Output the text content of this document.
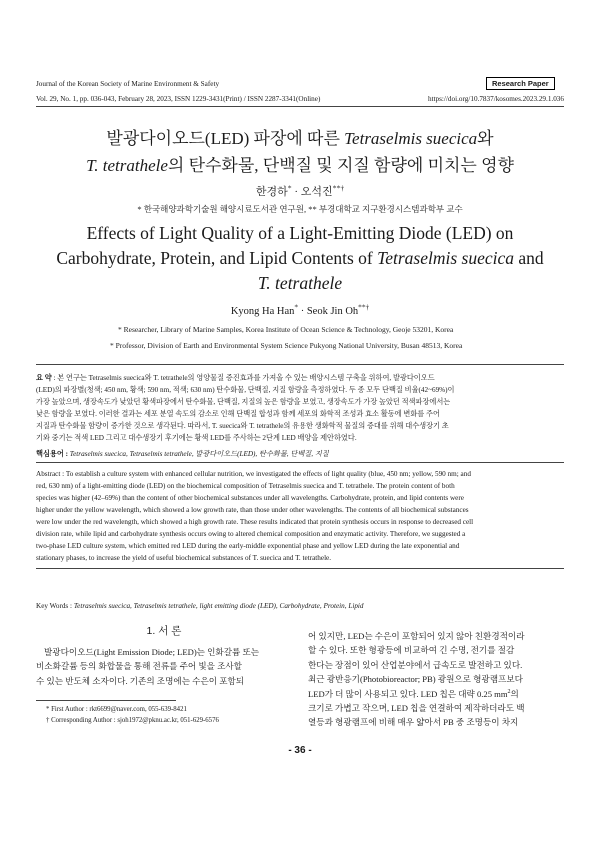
Journal of the Korean Society of Marine Environment & Safety	Research Paper
Vol. 29, No. 1, pp. 036-043, February 28, 2023, ISSN 1229-3431(Print) / ISSN 2287-3341(Online)	https://doi.org/10.7837/kosomes.2023.29.1.036
발광다이오드(LED) 파장에 따른 Tetraselmis suecica와
T. tetrathele의 탄수화물, 단백질 및 지질 함량에 미치는 영향
한경하* · 오석진**†
* 한국해양과학기술원 해양시료도서관 연구원, ** 부경대학교 지구환경시스템과학부 교수
Effects of Light Quality of a Light-Emitting Diode (LED) on
Carbohydrate, Protein, and Lipid Contents of Tetraselmis suecica and
T. tetrathele
Kyong Ha Han* · Seok Jin Oh**†
* Researcher, Library of Marine Samples, Korea Institute of Ocean Science & Technology, Geoje 53201, Korea
* Professor, Division of Earth and Environmental System Science Pukyong National University, Busan 48513, Korea
요 약 : 본 연구는 Tetraselmis suecica와 T. tetrathele의 영양물질 증진효과를 가져올 수 있는 배양시스템 구축을 위하여, 발광다이오드
(LED)의 파장별(청색; 450 nm, 황색; 590 nm, 적색; 630 nm) 탄수화물, 단백질, 지질 함량을 측정하였다. 두 종 모두 단백질 비율(42~69%)이
가장 높았으며, 생장속도가 낮았던 황색파장에서 탄수화물, 단백질, 지질의 높은 함량을 보였고, 생장속도가 가장 높았던 적색파장에서는
낮은 함량을 보였다. 이러한 결과는 세포 분열 속도의 감소로 인해 단백질 합성과 함께 세포의 화학적 조성과 효소 활동에 변화를 주어
지질과 탄수화물 함량이 증가한 것으로 생각된다. 따라서, T. suecica와 T. tetrathele의 유용한 생화학적 물질의 증대를 위해 대수생장기 초
기와 중기는 적색 LED 그리고 대수생장기 후기에는 황색 LED를 주사하는 2단계 LED 배양을 제안하였다.
핵심용어 : Tetraselmis suecica, Tetraselmis tetrathele, 발광다이오드(LED), 탄수화물, 단백질, 지질
Abstract : To establish a culture system with enhanced cellular nutrition, we investigated the effects of light quality (blue, 450 nm; yellow, 590 nm; and
red, 630 nm) of a light-emitting diode (LED) on the biochemical composition of Tetraselmis suecica and T. tetrathele. The protein content of both
species was higher (42–69%) than the content of other biochemical substances under all wavelengths. Carbohydrate, protein, and lipid contents were
higher under the yellow wavelength, which showed a low growth rate, than those under other wavelengths. The contents of all biochemical substances
were low under the red wavelength, which showed a high growth rate. These results indicated that protein synthesis occurs in response to decreased cell
division rate, while lipid and carbohydrate synthesis occurs owing to altered chemical composition and enzymatic activity. Therefore, we suggested a
two-phase LED culture system, which emitted red LED during the early-middle exponential phase and yellow LED during the late exponential and
stationary phases, to increase the yield of useful biochemical substances of T. suecica and T. tetrathele.
Key Words : Tetraselmis suecica, Tetraselmis tetrathele, light emitting diode (LED), Carbohydrate, Protein, Lipid
1. 서 론
발광다이오드(Light Emission Diode; LED)는 인화갈륨 또는
비소화갈륨 등의 화합물을 통해 전류를 주어 빛을 조사할
수 있는 반도체 소자이다. 기존의 조명에는 수은이 포함되
어 있지만, LED는 수은이 포함되어 있지 않아 친환경적이라
할 수 있다. 또한 형광등에 비교하여 긴 수명, 전기를 절감
한다는 장점이 있어 산업분야에서 급속도로 발전하고 있다.
최근 광반응기(Photobioreactor; PB) 광원으로 형광램프보다
LED가 더 많이 사용되고 있다. LED 칩은 대략 0.25 $mm^2$의
크기로 가볍고 작으며, LED 칩을 연결하여 제작하더라도 백
열등과 형광램프에 비해 매우 얇아서 PB 중 조명등이 차지
* First Author : rkt6699@naver.com, 055-639-8421
† Corresponding Author : sjoh1972@pknu.ac.kr, 051-629-6576
- 36 -
